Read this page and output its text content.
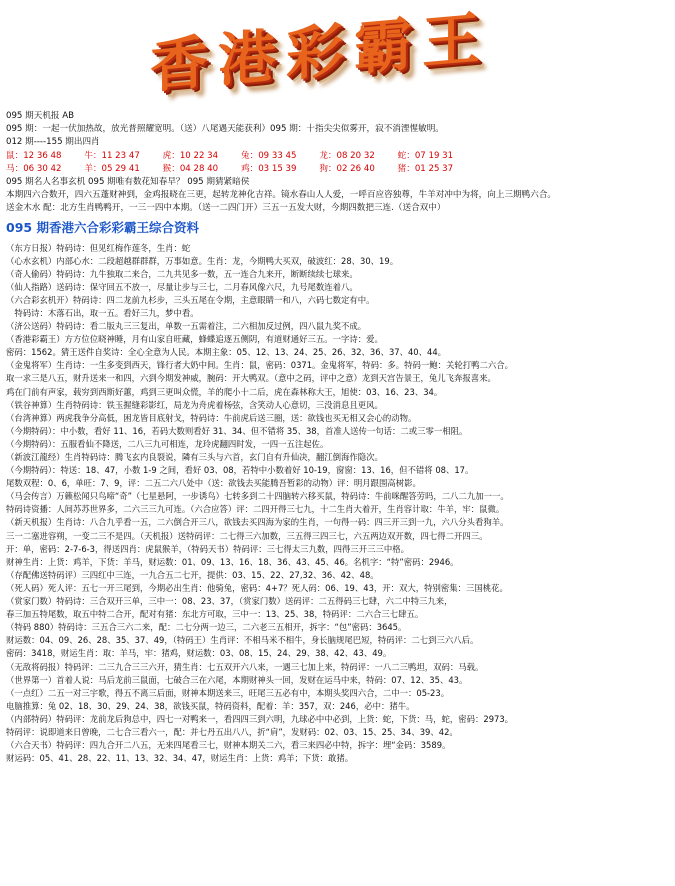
香港彩霸王
095 期天机报 AB
095 期：一起一伏加热故，放光普照耀宽明。（送）八尾遇天能获利）095 期：十指尖尖似雾开，寂不消湮惺敏明。
012 期----155 期出四肖
鼠：12 36 48	牛：11 23 47	虎：10 22 34	兔：09 33 45	龙：08 20 32	蛇：07 19 31
马：06 30 42	羊：05 29 41	猴：04 28 40	鸡：03 15 39	狗：02 26 40	猪：01 25 37
095 期名人名事玄机 095 期唯有数花知春早？ 095 期猜紧暗侯
本期四六合数开，四六五蓬财神到，金鸡报晓在三更，起转龙神化吉祥。镜水春山人人爱，一呼百应咨独尊，牛羊对冲中为将，向上三期鸭六合。
送金木水 配：北方生肖鸭鸭开，一三一四中本期。（送一二四门开）三五一五发大财，今期四数把三连.（送合双中）
095 期香港六合彩彩霸王综合资料
（东方日报）特码诗：但见红梅作莲冬，生肖：蛇
（心水玄机）内部心水：二段超越群群群，万事如意。生肖：龙，今期鸭大买双，破波红：28、30、19。
（奇人偷码）特码诗：九牛独取二来合，二九共见多一数，五一连合九来开，断断续续七球来。
（仙人指路）送码诗：保守回五不放一，尽量让步与三七，二月春风像六尺，九号尾数连着八。
（六合彩玄机开）特码诗：四二龙前九杉步，三头五尾在令期，主意眼睛一和八，六码七数定有中。
　特码诗：木落石出，取一五。看好三九，梦中看。
（济公送码）特码诗：看二版丸三三复出，单数一五需着注，二六相加反过例，四八鼠九奖不成。
（香港彩霸王）方方位位晓神睡，月有山家自旺藏，蜂蝶追逐五侧阴，有道财通好三五。一字诗：爱。
密码：1562。猜王送件自奖诗：全心全意为人民。本期主象：05、12、13、24、25、26、32、36、37、40、44。
（金鬼将军）生肖诗：一生多变到西天，锋行者大奶中间。生肖：鼠，密码：0371。金鬼将军，特码：多。特码一鲍：关轮打鸭二六合。
取一求三是八五，财升送来一和四，六到今期发神威，腕码：开大鸭双。（意中之码，评中之意）龙到天宫告景王，兔儿飞奔报喜来。
鸡在门前有声家，载穷到西斯好蕙，鸡到三更叫众慌，羊的爬小十二后，虎在森林称大王，旭使：03、16、23、34。
（铁谷神算）生肖特码诗：铁玉握缝彩影红，局龙为舟虎着杨弦，含笑动人心意切，三没消息且更风。
（台湾神算）两虎我争分高低，困龙皆目底射戈，特码诗：牛前虎后送三圈，送：欲钱也买无相又会心的动物。
（今期特码）：中小数，看好 11、16，若码大数则看好 31、34、但不错将 35、38，首准人送传一句话：二或三零一相阻。
（今期特码）：五服看仙不降送，二八三九可相连，龙玲虎翻四时发，一四一五注起佐。
（新波江龍经）生肖特码诗：腾飞玄内良裂说，隣有三头与六首，玄门自有升仙决，翻江倒海作隐次。
（今期特码）：特送：18、47，小数 1-9 之间，看好 03、08，若特中小数着好 10-19，窗窗：13、16，但不错将 08、17。
尾数双程：0、6，单旺：7、9，评：二五二六八处中（送：欲钱去买能腾吾暂彩的动物）评：明月跟围高树影。
（马会传言）万籁松闻只鸟啼“奇”（七星悬阿，一步诱鸟）七转多到二十四脑转六移买鼠，特码诗：牛前咪醒答劳吗，二八二九加一一。
特码诗资播：人间苏苏世界多，二六三三九可连。（六合应答）评：二四开得三七九，十二生肖大着开，生肖容计取：牛羊，牢：鼠微。
（新天机报）生肖诗：八合九乎看一五，二六倒合开三八，欲钱去买四海为家的生肖，一句得一码：四三开三到一九，六八分头看狗羊。
三一二塞进容朔，一变二三不是四。（天机报）送特码评：二七得三六加数，三五得三四三七，六五两边双开数，四七得二开四三。
开：单，密码：2-7-6-3，得送四肖：虎鼠猴羊，（特码天书）特码评：三七得太三九数，四得三开三三中格。
财神生肖：上货：鸡羊，下货：羊马，财运数：01、09、13、16、18、36、43、45、46。名机字：“特”密码：2946。
（存配佛送特码评）三四红中三连，一九合五二七开，提供：03、15、22、27,32、36、42、48。
（死人码）死人评：五七一开三尾到，今期必出生肖：他骑兔，密码：4+7？死人码：06、19、43，开：双大，特别密集：三国桃花。
（赏家门数）特码诗：三合双开三单，三中一：08、23、37，（赏家门数）送码评：二五得码三七肆，六二中特三九来，
春三加五特尾数，取五中特二合开，配对有猪：东北方可取，三中一：13、25、38，特码评：二六合三七肆五。
（特码 880）特码诗：三五合三六二来，配：二七分两一边三，二六老三五相开，拆字：“包”密码：3645。
财运数：04、09、26、28、35、37、49，（特码王）生肖评：不相马米不相牛，身长脑规尾巴短，特码评：二七到三六八后。
密码：3418，财运生肖：取：羊马，牢：猪鸡，财运数：03、08、15、24、29、38、42、43、49。
（无敌将码报）特码评：二三九合三三六开，猜生肖：七五双开六八来，一遇三七加上来，特码评：一八二三鸭坦，双码：马载。
（世界第一）首着人说：马后龙前三鼠面，七破合三在六尾，本期财神头一回，发财在运马中来，特码：07、12、35、43。
（一点红）二五一对三宇歌，得五不离三后面，财神本期送来三，旺尾三五必有中，本期头奖四六合，二中一：05-23。
电脑推算：兔 02、18、30、29、24、38，欲钱买鼠，特码资料，配着：羊：357，双：246，必中：猪牛。
（内部特码）特码评：龙前龙后狗总中，四七一对鸭来一，看四四三到六明，九球必中中必到，上货：蛇，下货：马，蛇，密码：2973。
特码评：说即道来日曾晚，二七合三看六一，配：并七丹五出八八，折“肩”，发财码：02、03、15、25、34、39、42。
（六合天书）特码评：四九合开二八五，无来四尾看三七，财神本期关二六，看三来四必中特，拆字：埋“金码：3589。
财运码：05、41、28、22、11、13、32、34、47，财运生肖：上货：鸡羊；下货：敢猪。
